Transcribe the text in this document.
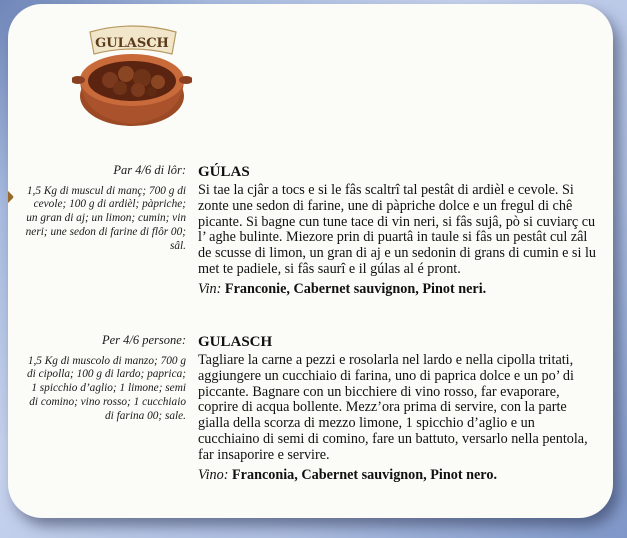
GULASCH
Par 4/6 di lôr:
1,5 Kg di muscul di manç; 700 g di cevole; 100 g di ardièl; pàpriche; un gran di aj; un limon; cumin; vin neri; une sedon di farine di flôr 00; sâl.
GÚLAS

Si tae la cjâr a tocs e si le fâs scaltrî tal pestât di ardièl e cevole. Si zonte une sedon di farine, une di pàpriche dolce e un fregul di chê picante. Si bagne cun tune tace di vin neri, si fâs sujâ, pò si cuviarç cu l’ aghe bulinte. Miezore prin di puartâ in taule si fâs un pestât cul zâl de scusse di limon, un gran di aj e un sedonin di grans di cumin e si lu met te padiele, si fâs saurî e il gúlas al é pront.

Vin: Franconie, Cabernet sauvignon, Pinot neri.
Per 4/6 persone:
1,5 Kg di muscolo di manzo; 700 g di cipolla; 100 g di lardo; paprica; 1 spicchio d’aglio; 1 limone; semi di comino; vino rosso; 1 cucchiaio di farina 00; sale.
GULASCH

Tagliare la carne a pezzi e rosolarla nel lardo e nella cipolla tritati, aggiungere un cucchiaio di farina, uno di paprica dolce e un po’ di piccante. Bagnare con un bicchiere di vino rosso, far evaporare, coprire di acqua bollente. Mezz’ora prima di servire, con la parte gialla della scorza di mezzo limone, 1 spicchio d’aglio e un cucchiaino di semi di comino, fare un battuto, versarlo nella pentola, far insaporire e servire.

Vino: Franconia, Cabernet sauvignon, Pinot nero.
